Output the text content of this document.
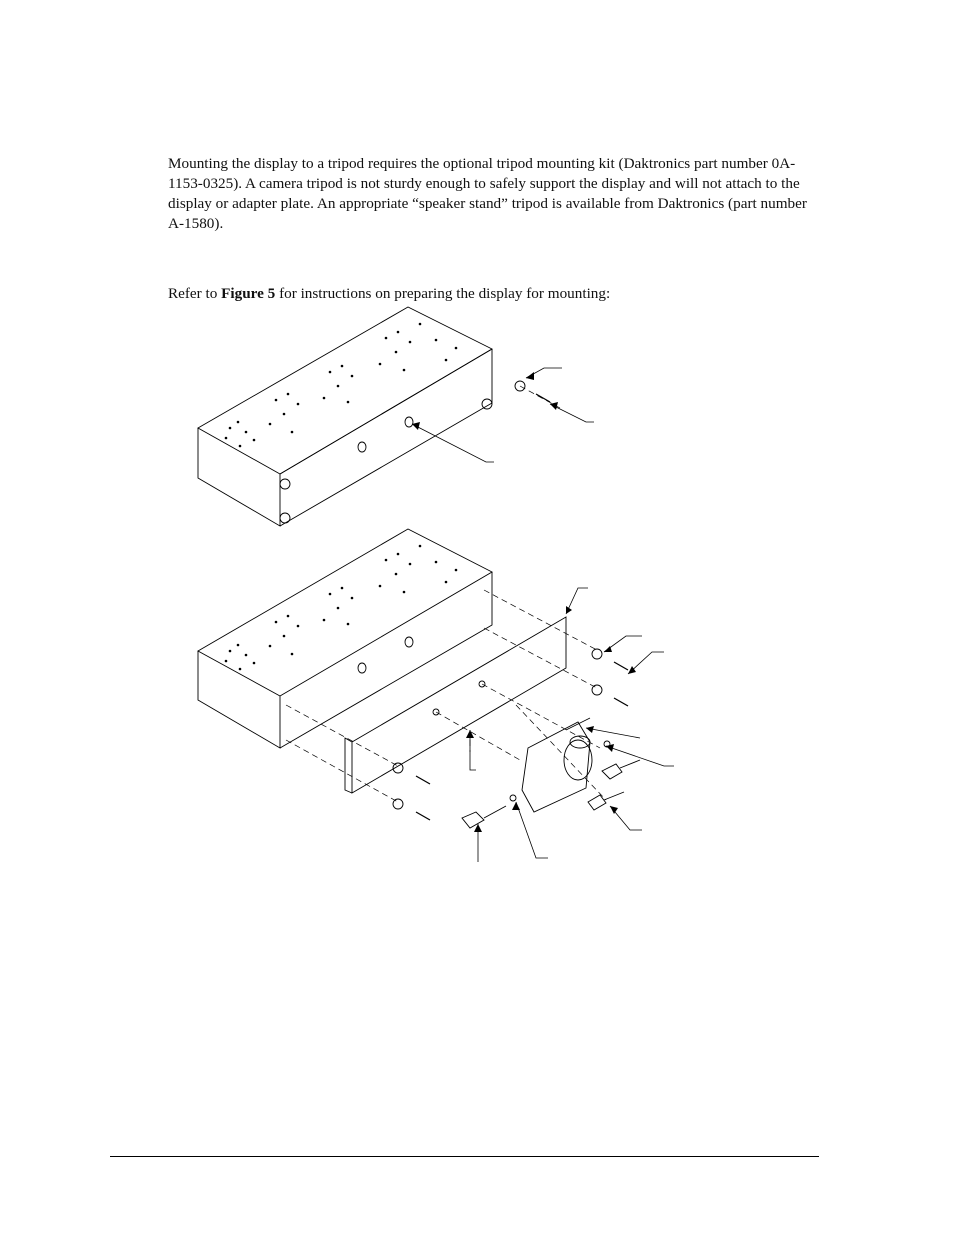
Mounting the display to a tripod requires the optional tripod mounting kit (Daktronics part number 0A-1153-0325). A camera tripod is not sturdy enough to safely support the display and will not attach to the display or adapter plate. An appropriate “speaker stand” tripod is available from Daktronics (part number A-1580).

Refer to Figure 5 for instructions on preparing the display for mounting:
